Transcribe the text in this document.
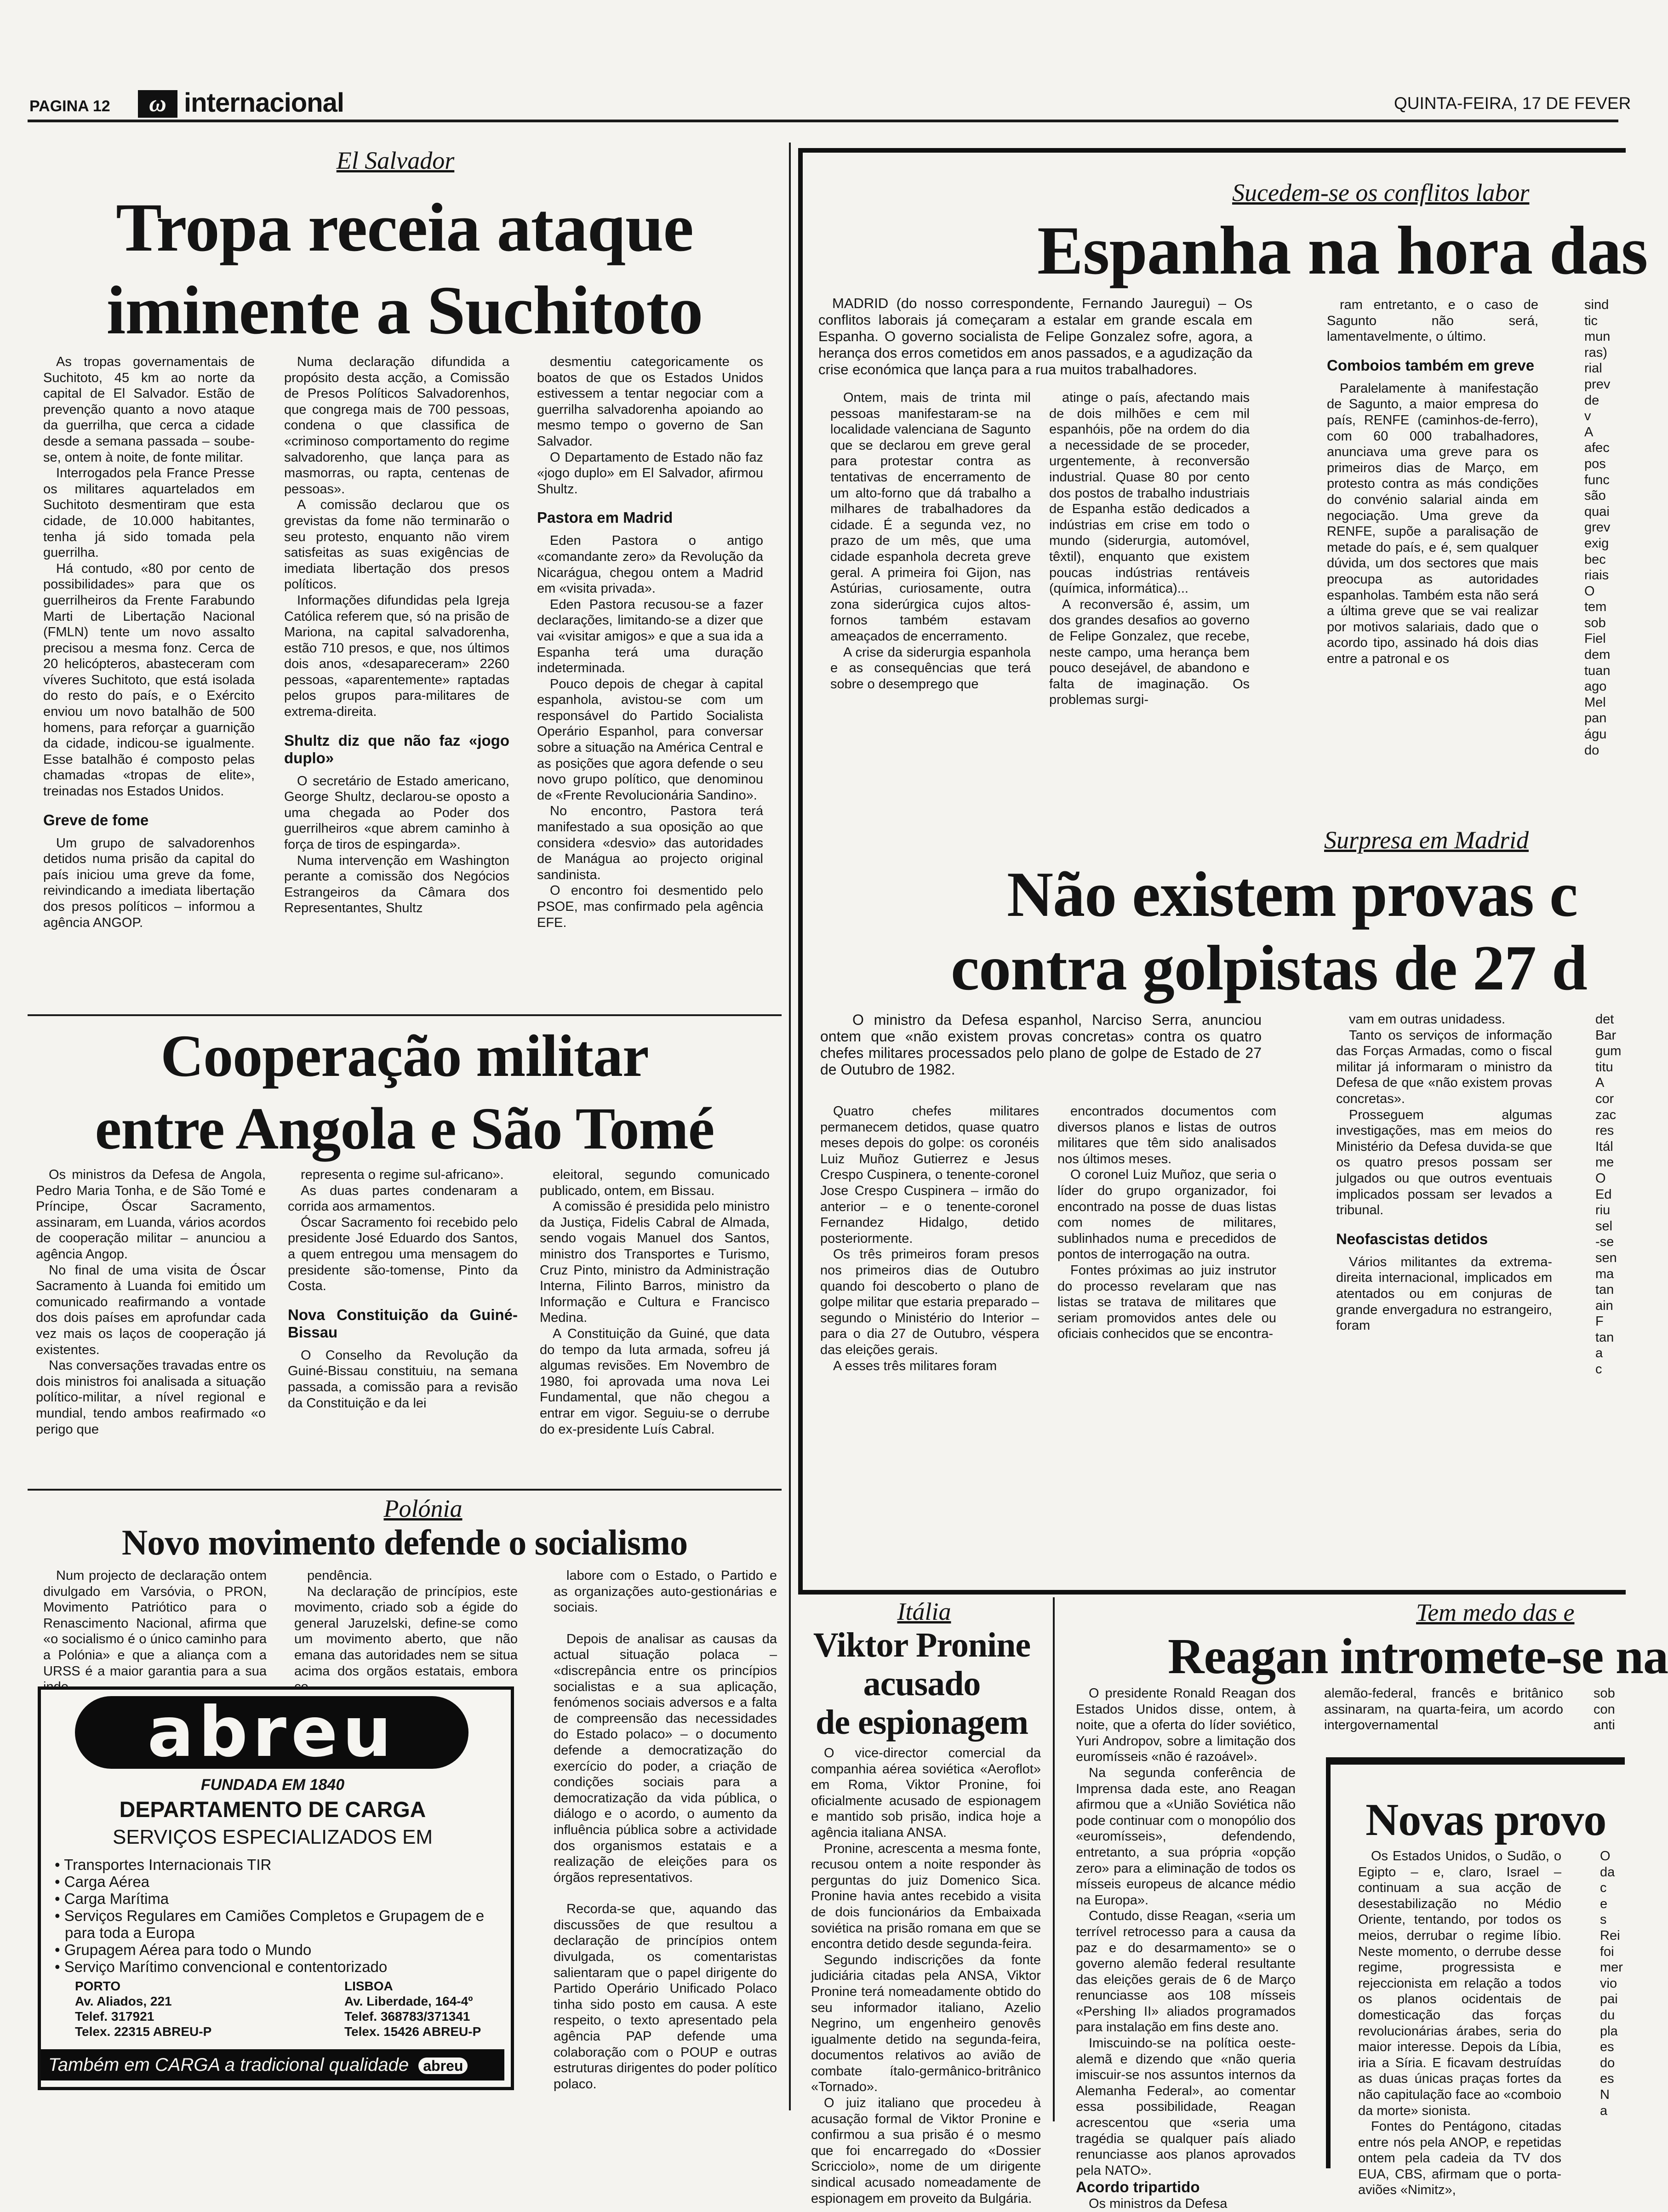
PAGINA 12	ω internacional	QUINTA-FEIRA, 17 DE FEVER
El Salvador
Tropa receia ataque
iminente a Suchitoto

As tropas governamentais de Suchitoto, 45 km ao norte da capital de El Salvador. Estão de prevenção quanto a novo ataque da guerrilha, que cerca a cidade desde a semana passada – soube-se, ontem à noite, de fonte militar.

Interrogados pela France Presse os militares aquartelados em Suchitoto desmentiram que esta cidade, de 10.000 habitantes, tenha já sido tomada pela guerrilha.

Há contudo, «80 por cento de possibilidades» para que os guerrilheiros da Frente Farabundo Marti de Libertação Nacional (FMLN) tente um novo assalto precisou a mesma fonz. Cerca de 20 helicópteros, abasteceram com víveres Suchitoto, que está isolada do resto do país, e o Exército enviou um novo batalhão de 500 homens, para reforçar a guarnição da cidade, indicou-se igualmente. Esse batalhão é composto pelas chamadas «tropas de elite», treinadas nos Estados Unidos.

Greve de fome

Um grupo de salvadorenhos detidos numa prisão da capital do país iniciou uma greve da fome, reivindicando a imediata libertação dos presos políticos – informou a agência ANGOP.

Numa declaração difundida a propósito desta acção, a Comissão de Presos Políticos Salvadorenhos, que congrega mais de 700 pessoas, condena o que classifica de «criminoso comportamento do regime salvadorenho, que lança para as masmorras, ou rapta, centenas de pessoas».

A comissão declarou que os grevistas da fome não terminarão o seu protesto, enquanto não virem satisfeitas as suas exigências de imediata libertação dos presos políticos.

Informações difundidas pela Igreja Católica referem que, só na prisão de Mariona, na capital salvadorenha, estão 710 presos, e que, nos últimos dois anos, «desapareceram» 2260 pessoas, «aparentemente» raptadas pelos grupos para-militares de extrema-direita.

Shultz diz que não faz «jogo duplo»

O secretário de Estado americano, George Shultz, declarou-se oposto a uma chegada ao Poder dos guerrilheiros «que abrem caminho à força de tiros de espingarda».

Numa intervenção em Washington perante a comissão dos Negócios Estrangeiros da Câmara dos Representantes, Shultz

desmentiu categoricamente os boatos de que os Estados Unidos estivessem a tentar negociar com a guerrilha salvadorenha apoiando ao mesmo tempo o governo de San Salvador.

O Departamento de Estado não faz «jogo duplo» em El Salvador, afirmou Shultz.

Pastora em Madrid

Eden Pastora o antigo «comandante zero» da Revolução da Nicarágua, chegou ontem a Madrid em «visita privada».

Eden Pastora recusou-se a fazer declarações, limitando-se a dizer que vai «visitar amigos» e que a sua ida a Espanha terá uma duração indeterminada.

Pouco depois de chegar à capital espanhola, avistou-se com um responsável do Partido Socialista Operário Espanhol, para conversar sobre a situação na América Central e as posições que agora defende o seu novo grupo político, que denominou de «Frente Revolucionária Sandino».

No encontro, Pastora terá manifestado a sua oposição ao que considera «desvio» das autoridades de Manágua ao projecto original sandinista.

O encontro foi desmentido pelo PSOE, mas confirmado pela agência EFE.

Cooperação militar
entre Angola e São Tomé

Os ministros da Defesa de Angola, Pedro Maria Tonha, e de São Tomé e Príncipe, Óscar Sacramento, assinaram, em Luanda, vários acordos de cooperação militar – anunciou a agência Angop.

No final de uma visita de Óscar Sacramento à Luanda foi emitido um comunicado reafirmando a vontade dos dois países em aprofundar cada vez mais os laços de cooperação já existentes.

Nas conversações travadas entre os dois ministros foi analisada a situação político-militar, a nível regional e mundial, tendo ambos reafirmado «o perigo que

representa o regime sul-africano».

As duas partes condenaram a corrida aos armamentos.

Óscar Sacramento foi recebido pelo presidente José Eduardo dos Santos, a quem entregou uma mensagem do presidente são-tomense, Pinto da Costa.

Nova Constituição da Guiné-Bissau

O Conselho da Revolução da Guiné-Bissau constituiu, na semana passada, a comissão para a revisão da Constituição e da lei

eleitoral, segundo comunicado publicado, ontem, em Bissau.

A comissão é presidida pelo ministro da Justiça, Fidelis Cabral de Almada, sendo vogais Manuel dos Santos, ministro dos Transportes e Turismo, Cruz Pinto, ministro da Administração Interna, Filinto Barros, ministro da Informação e Cultura e Francisco Medina.

A Constituição da Guiné, que data do tempo da luta armada, sofreu já algumas revisões. Em Novembro de 1980, foi aprovada uma nova Lei Fundamental, que não chegou a entrar em vigor. Seguiu-se o derrube do ex-presidente Luís Cabral.

Polónia
Novo movimento defende o socialismo

Num projecto de declaração ontem divulgado em Varsóvia, o PRON, Movimento Patriótico para o Renascimento Nacional, afirma que «o socialismo é o único caminho para a Polónia» e que a aliança com a URSS é a maior garantia para a sua

pendência.

Na declaração de princípios, este movimento, criado sob a égide do general Jaruzelski, define-se como um movimento aberto, que não emana das autoridades nem se situa acima dos orgãos estatais, embora

labore com o Estado, o Partido e as organizações auto-gestionárias e sociais.

Depois de analisar as causas da actual situação polaca – «discrepância entre os princípios socialistas e a sua aplicação, fenómenos sociais adversos e a falta de compreensão das necessidades do Estado polaco» – o documento defende a democratização do exercício do poder, a criação de condições sociais para a democratização da vida pública, o diálogo e o acordo, o aumento da influência pública sobre a actividade dos organismos estatais e a realização de eleições para os órgãos representativos.

Recorda-se que, aquando das discussões de que resultou a declaração de princípios ontem divulgada, os comentaristas salientaram que o papel dirigente do Partido Operário Unificado Polaco tinha sido posto em causa. A este respeito, o texto apresentado pela agência PAP defende uma colaboração com o POUP e outras estruturas dirigentes do poder político polaco.

abreu
FUNDADA EM 1840
DEPARTAMENTO DE CARGA
SERVIÇOS ESPECIALIZADOS EM
• Transportes Internacionais TIR
• Carga Aérea
• Carga Marítima
• Serviços Regulares em Camiões Completos e Grupagem de e para toda a Europa
• Grupagem Aérea para todo o Mundo
• Serviço Marítimo convencional e contentorizado
PORTO
Av. Aliados, 221
Telef. 317921
Telex. 22315 ABREU-P
LISBOA
Av. Liberdade, 164-4º
Telef. 368783/371341
Telex. 15426 ABREU-P
Também em CARGA a tradicional qualidade abreu
Sucedem-se os conflitos labor
Espanha na hora das

MADRID (do nosso correspondente, Fernando Jauregui) – Os conflitos laborais já começaram a estalar em grande escala em Espanha. O governo socialista de Felipe Gonzalez sofre, agora, a herança dos erros cometidos em anos passados, e a agudização da crise económica que lança para a rua muitos trabalhadores.

Ontem, mais de trinta mil pessoas manifestaram-se na localidade valenciana de Sagunto que se declarou em greve geral para protestar contra as tentativas de encerramento de um alto-forno que dá trabalho a milhares de trabalhadores da cidade. É a segunda vez, no prazo de um mês, que uma cidade espanhola decreta greve geral. A primeira foi Gijon, nas Astúrias, curiosamente, outra zona siderúrgica cujos altos-fornos também estavam ameaçados de encerramento.

A crise da siderurgia espanhola e as consequências que terá sobre o desemprego que

atinge o país, afectando mais de dois milhões e cem mil espanhóis, põe na ordem do dia a necessidade de se proceder, urgentemente, à reconversão industrial. Quase 80 por cento dos postos de trabalho industriais de Espanha estão dedicados a indústrias em crise em todo o mundo (siderurgia, automóvel, têxtil), enquanto que existem poucas indústrias rentáveis (química, informática)...

A reconversão é, assim, um dos grandes desafios ao governo de Felipe Gonzalez, que recebe, neste campo, uma herança bem pouco desejável, de abandono e falta de imaginação. Os problemas surgi-

ram entretanto, e o caso de Sagunto não será, lamentavelmente, o último.

Comboios também em greve

Paralelamente à manifestação de Sagunto, a maior empresa do país, RENFE (caminhos-de-ferro), com 60 000 trabalhadores, anunciava uma greve para os primeiros dias de Março, em protesto contra as más condições do convénio salarial ainda em negociação. Uma greve da RENFE, supõe a paralisação de metade do país, e é, sem qualquer dúvida, um dos sectores que mais preocupa as autoridades espanholas. Também esta não será a última greve que se vai realizar por motivos salariais, dado que o acordo tipo, assinado há dois dias entre a patronal e os

sind tic mun ras) rial prev de v A afec pos func são quai grev exig bec riais O tem sob Fiel dem tuan ago Mel pan águ do

Surpresa em Madrid
Não existem provas c
contra golpistas de 27 d

O ministro da Defesa espanhol, Narciso Serra, anunciou ontem que «não existem provas concretas» contra os quatro chefes militares processados pelo plano de golpe de Estado de 27 de Outubro de 1982.

Quatro chefes militares permanecem detidos, quase quatro meses depois do golpe: os coronéis Luiz Muñoz Gutierrez e Jesus Crespo Cuspinera, o tenente-coronel Jose Crespo Cuspinera – irmão do anterior – e o tenente-coronel Fernandez Hidalgo, detido posteriormente.

Os três primeiros foram presos nos primeiros dias de Outubro quando foi descoberto o plano de golpe militar que estaria preparado – segundo o Ministério do Interior – para o dia 27 de Outubro, véspera das eleições gerais.

A esses três militares foram

encontrados documentos com diversos planos e listas de outros militares que têm sido analisados nos últimos meses.

O coronel Luiz Muñoz, que seria o líder do grupo organizador, foi encontrado na posse de duas listas com nomes de militares, sublinhados numa e precedidos de pontos de interrogação na outra.

Fontes próximas ao juiz instrutor do processo revelaram que nas listas se tratava de militares que seriam promovidos antes dele ou oficiais conhecidos que se encontra-

vam em outras unidadess.

Tanto os serviços de informação das Forças Armadas, como o fiscal militar já informaram o ministro da Defesa de que «não existem provas concretas».

Prosseguem algumas investigações, mas em meios do Ministério da Defesa duvida-se que os quatro presos possam ser julgados ou que outros eventuais implicados possam ser levados a tribunal.

Neofascistas detidos

Vários militantes da extrema-direita internacional, implicados em atentados ou em conjuras de grande envergadura no estrangeiro, foram

det Bar gum titu A cor zac res Itál me O Ed riu sel -se sen ma tan ain F tan a c

Itália
Viktor Pronine
acusado
de espionagem

O vice-director comercial da companhia aérea soviética «Aeroflot» em Roma, Viktor Pronine, foi oficialmente acusado de espionagem e mantido sob prisão, indica hoje a agência italiana ANSA.

Pronine, acrescenta a mesma fonte, recusou ontem a noite responder às perguntas do juiz Domenico Sica. Pronine havia antes recebido a visita de dois funcionários da Embaixada soviética na prisão romana em que se encontra detido desde segunda-feira.

Segundo indiscrições da fonte judiciária citadas pela ANSA, Viktor Pronine terá nomeadamente obtido do seu informador italiano, Azelio Negrino, um engenheiro genovês igualmente detido na segunda-feira, documentos relativos ao avião de combate ítalo-germânico-britrânico «Tornado».

O juiz italiano que procedeu à acusação formal de Viktor Pronine e confirmou a sua prisão é o mesmo que foi encarregado do «Dossier Scricciolo», nome de um dirigente sindical acusado nomeadamente de espionagem em proveito da Bulgária.

Tem medo das e
Reagan intromete-se na

O presidente Ronald Reagan dos Estados Unidos disse, ontem, à noite, que a oferta do líder soviético, Yuri Andropov, sobre a limitação dos euromísseis «não é razoável».

Na segunda conferência de Imprensa dada este, ano Reagan afirmou que a «União Soviética não pode continuar com o monopólio dos «euromísseis», defendendo, entretanto, a sua própria «opção zero» para a eliminação de todos os mísseis europeus de alcance médio na Europa».

Contudo, disse Reagan, «seria um terrível retrocesso para a causa da paz e do desarmamento» se o governo alemão federal resultante das eleições gerais de 6 de Março renunciasse aos 108 mísseis «Pershing II» aliados programados para instalação em fins deste ano.

Imiscuindo-se na política oeste-alemã e dizendo que «não queria imiscuir-se nos assuntos internos da Alemanha Federal», ao comentar essa possibilidade, Reagan acrescentou que «seria uma tragédia se qualquer país aliado renunciasse aos planos aprovados pela NATO».

Acordo tripartido

Os ministros da Defesa

alemão-federal, francês e britânico assinaram, na quarta-feira, um acordo intergovernamental

sob con anti

Novas provo

Os Estados Unidos, o Sudão, o Egipto – e, claro, Israel – continuam a sua acção de desestabilização no Médio Oriente, tentando, por todos os meios, derrubar o regime líbio. Neste momento, o derrube desse regime, progressista e rejeccionista em relação a todos os planos ocidentais de domesticação das forças revolucionárias árabes, seria do maior interesse. Depois da Líbia, iria a Síria. E ficavam destruídas as duas únicas praças fortes da não capitulação face ao «comboio da morte» sionista.

Fontes do Pentágono, citadas entre nós pela ANOP, e repetidas ontem pela cadeia da TV dos EUA, CBS, afirmam que o porta-aviões «Nimitz»,

O da c e s Rei foi mer vio pai du pla es do es N a
